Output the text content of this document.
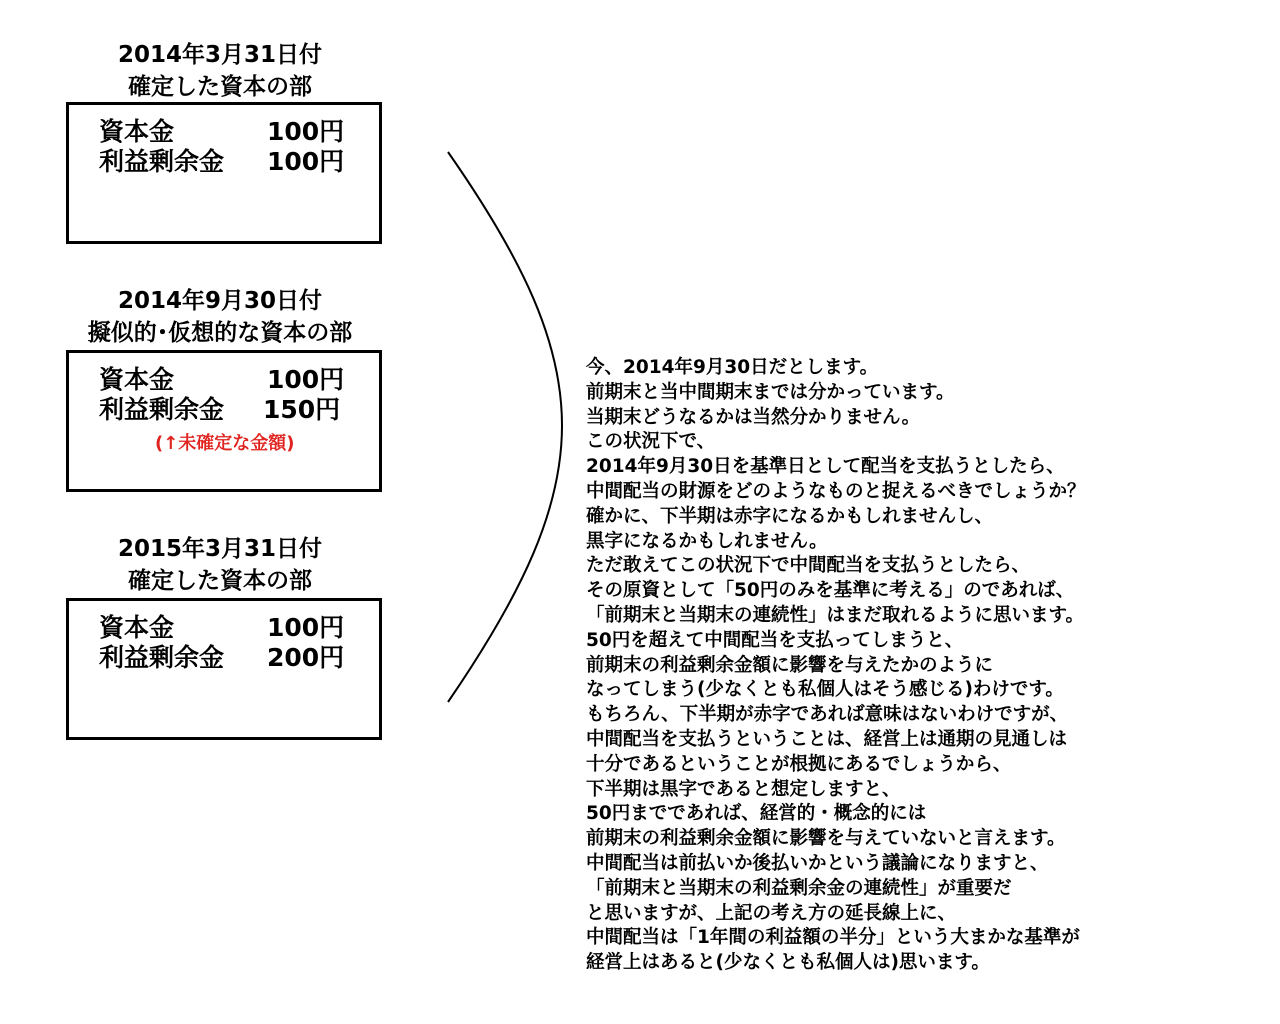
2014年3月31日付
確定した資本の部
資本金	100円
利益剰余金 100円
2014年9月30日付
擬似的･仮想的な資本の部
資本金	100円
利益剰余金 150円
(↑未確定な金額)
2015年3月31日付
確定した資本の部
資本金	100円
利益剰余金 200円
今、2014年9月30日だとします。
前期末と当中間期末までは分かっています。
当期末どうなるかは当然分かりません。
この状況下で、
2014年9月30日を基準日として配当を支払うとしたら、
中間配当の財源をどのようなものと捉えるべきでしょうか？
確かに、下半期は赤字になるかもしれませんし、
黒字になるかもしれません。
ただ敢えてこの状況下で中間配当を支払うとしたら、
その原資として「50円のみを基準に考える」のであれば、
「前期末と当期末の連続性」はまだ取れるように思います。
50円を超えて中間配当を支払ってしまうと、
前期末の利益剰余金額に影響を与えたかのように
なってしまう(少なくとも私個人はそう感じる)わけです。
もちろん、下半期が赤字であれば意味はないわけですが、
中間配当を支払うということは、経営上は通期の見通しは
十分であるということが根拠にあるでしょうから、
下半期は黒字であると想定しますと、
50円までであれば、経営的・概念的には
前期末の利益剰余金額に影響を与えていないと言えます。
中間配当は前払いか後払いかという議論になりますと、
「前期末と当期末の利益剰余金の連続性」が重要だ
と思いますが、上記の考え方の延長線上に、
中間配当は「1年間の利益額の半分」という大まかな基準が
経営上はあると(少なくとも私個人は)思います。
